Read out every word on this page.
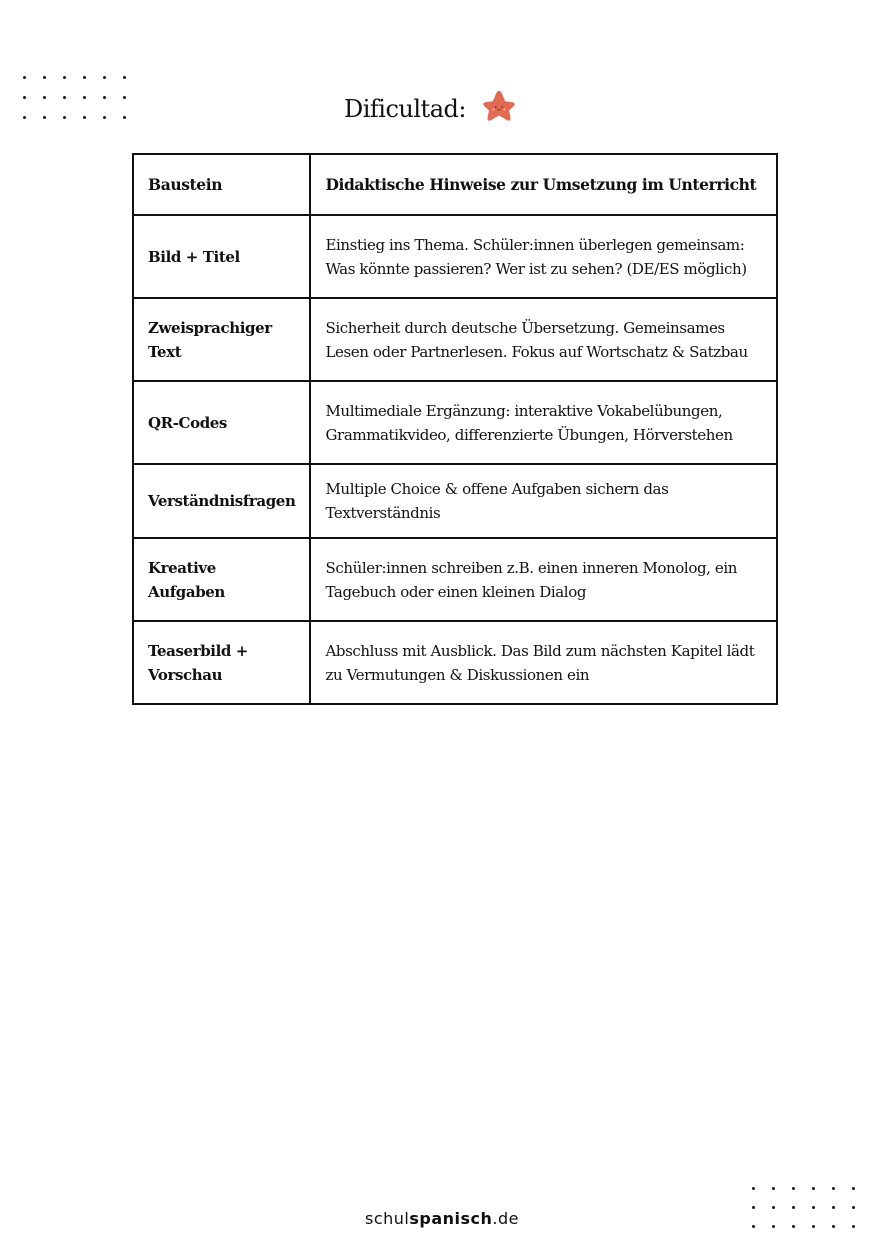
Dificultad:
Baustein	Didaktische Hinweise zur Umsetzung im Unterricht
Bild + Titel	Einstieg ins Thema. Schüler:innen überlegen gemeinsam: Was könnte passieren? Wer ist zu sehen? (DE/ES möglich)
Zweisprachiger Text	Sicherheit durch deutsche Übersetzung. Gemeinsames Lesen oder Partnerlesen. Fokus auf Wortschatz & Satzbau
QR-Codes	Multimediale Ergänzung: interaktive Vokabelübungen, Grammatikvideo, differenzierte Übungen, Hörverstehen
Verständnisfragen	Multiple Choice & offene Aufgaben sichern das Textverständnis
Kreative Aufgaben	Schüler:innen schreiben z.B. einen inneren Monolog, ein Tagebuch oder einen kleinen Dialog
Teaserbild + Vorschau	Abschluss mit Ausblick. Das Bild zum nächsten Kapitel lädt zu Vermutungen & Diskussionen ein
schulspanisch.de
